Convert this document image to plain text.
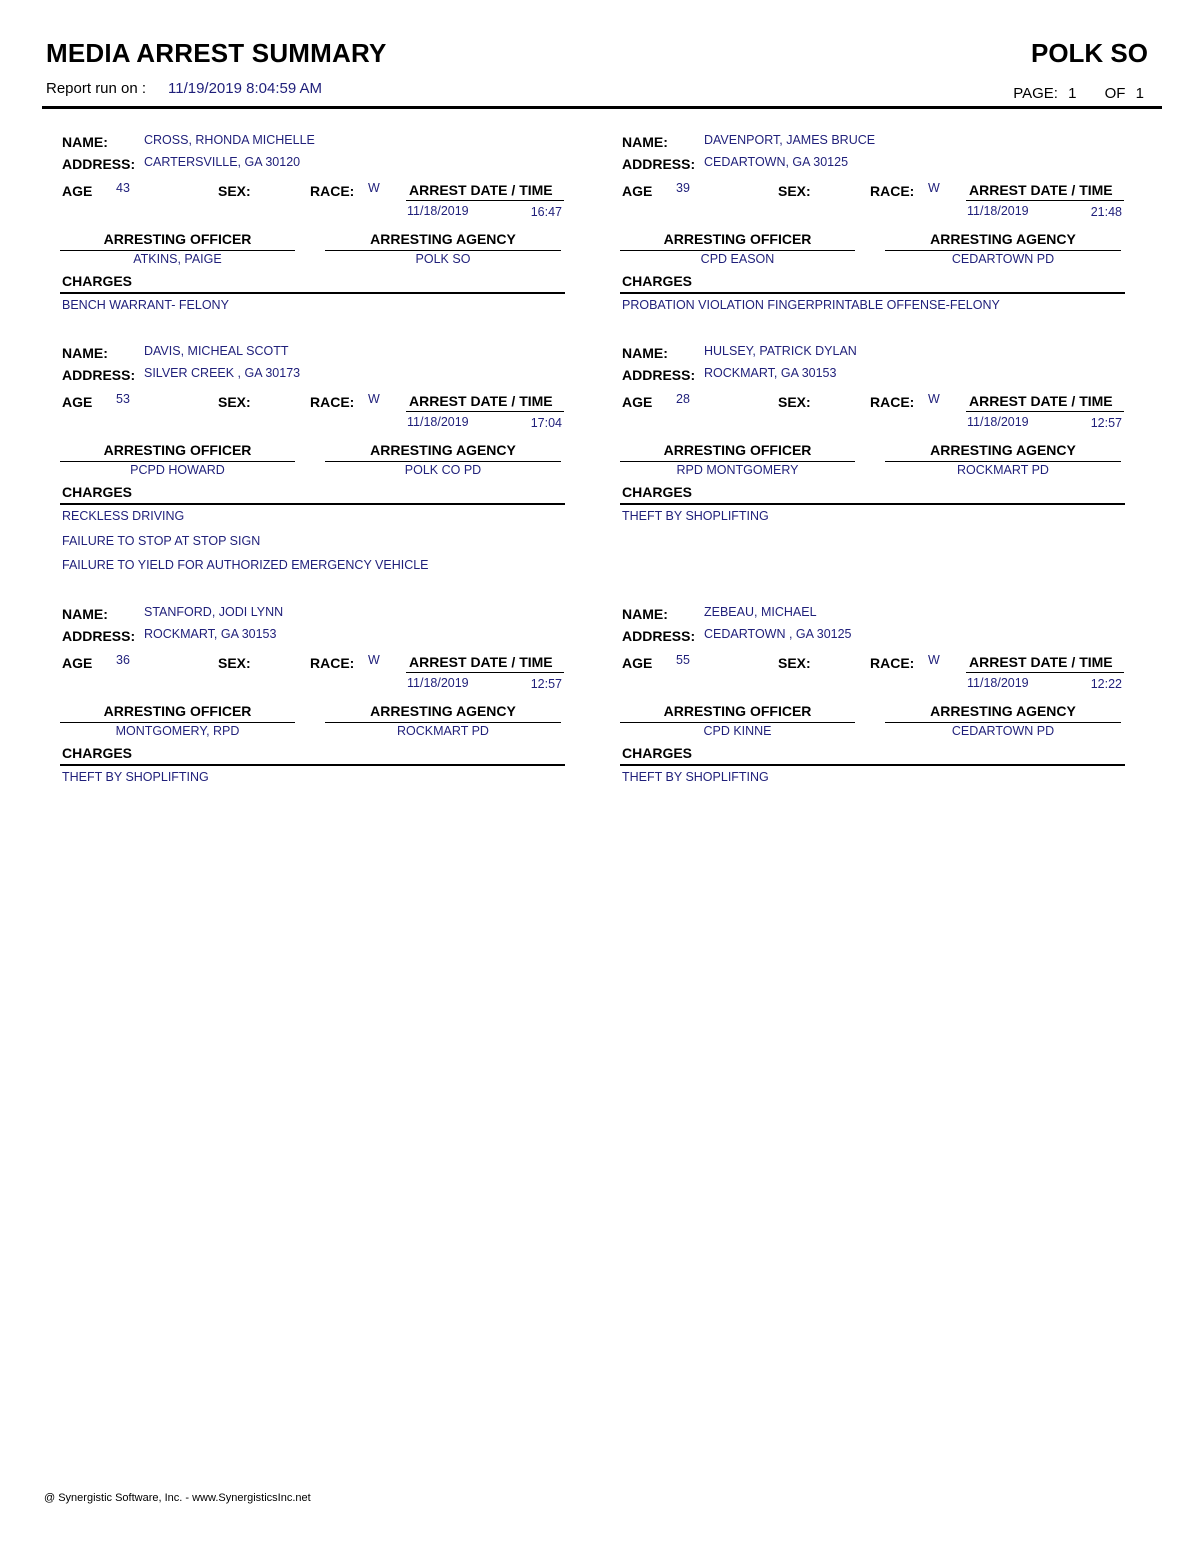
MEDIA ARREST SUMMARY	POLK SO
Report run on : 11/19/2019 8:04:59 AM	PAGE: 1 OF 1
NAME:	CROSS, RHONDA MICHELLE
ADDRESS: CARTERSVILLE, GA 30120
AGE 43	SEX:	RACE: W ARREST DATE / TIME
11/18/2019	16:47
ARRESTING OFFICER
ATKINS, PAIGE
ARRESTING AGENCY
POLK SO
CHARGES
BENCH WARRANT- FELONY
NAME:	DAVENPORT, JAMES BRUCE
ADDRESS: CEDARTOWN, GA 30125
AGE 39	SEX:	RACE: W ARREST DATE / TIME
11/18/2019	21:48
ARRESTING OFFICER
CPD EASON
ARRESTING AGENCY
CEDARTOWN PD
CHARGES
PROBATION VIOLATION FINGERPRINTABLE OFFENSE-FELONY
NAME:	DAVIS, MICHEAL SCOTT
ADDRESS: SILVER CREEK , GA 30173
AGE 53	SEX:	RACE: W ARREST DATE / TIME
11/18/2019	17:04
ARRESTING OFFICER
PCPD HOWARD
ARRESTING AGENCY
POLK CO PD
CHARGES
RECKLESS DRIVING
FAILURE TO STOP AT STOP SIGN
FAILURE TO YIELD FOR AUTHORIZED EMERGENCY VEHICLE
NAME:	HULSEY, PATRICK DYLAN
ADDRESS: ROCKMART, GA 30153
AGE 28	SEX:	RACE: W ARREST DATE / TIME
11/18/2019	12:57
ARRESTING OFFICER
RPD MONTGOMERY
ARRESTING AGENCY
ROCKMART PD
CHARGES
THEFT BY SHOPLIFTING
NAME:	STANFORD, JODI LYNN
ADDRESS: ROCKMART, GA 30153
AGE 36	SEX:	RACE: W ARREST DATE / TIME
11/18/2019	12:57
ARRESTING OFFICER
MONTGOMERY, RPD
ARRESTING AGENCY
ROCKMART PD
CHARGES
THEFT BY SHOPLIFTING
NAME:	ZEBEAU, MICHAEL
ADDRESS: CEDARTOWN , GA 30125
AGE 55	SEX:	RACE: W ARREST DATE / TIME
11/18/2019	12:22
ARRESTING OFFICER
CPD KINNE
ARRESTING AGENCY
CEDARTOWN PD
CHARGES
THEFT BY SHOPLIFTING
@ Synergistic Software, Inc. - www.SynergisticsInc.net
